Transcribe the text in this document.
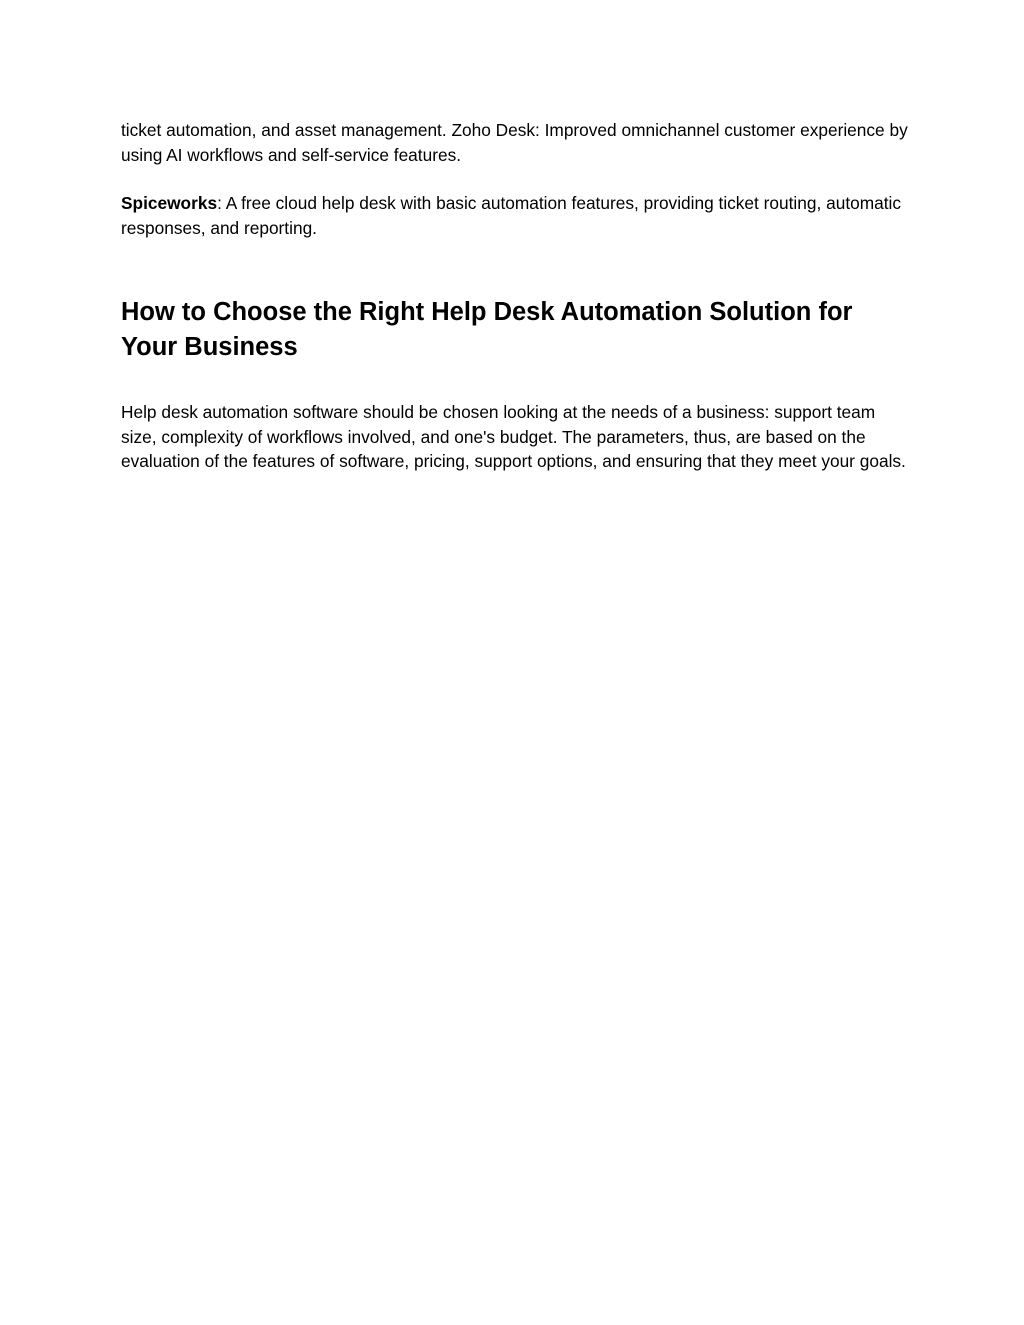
ticket automation, and asset management. Zoho Desk: Improved omnichannel customer experience by using AI workflows and self-service features.

Spiceworks: A free cloud help desk with basic automation features, providing ticket routing, automatic responses, and reporting.

How to Choose the Right Help Desk Automation Solution for Your Business

Help desk automation software should be chosen looking at the needs of a business: support team size, complexity of workflows involved, and one's budget. The parameters, thus, are based on the evaluation of the features of software, pricing, support options, and ensuring that they meet your goals.
